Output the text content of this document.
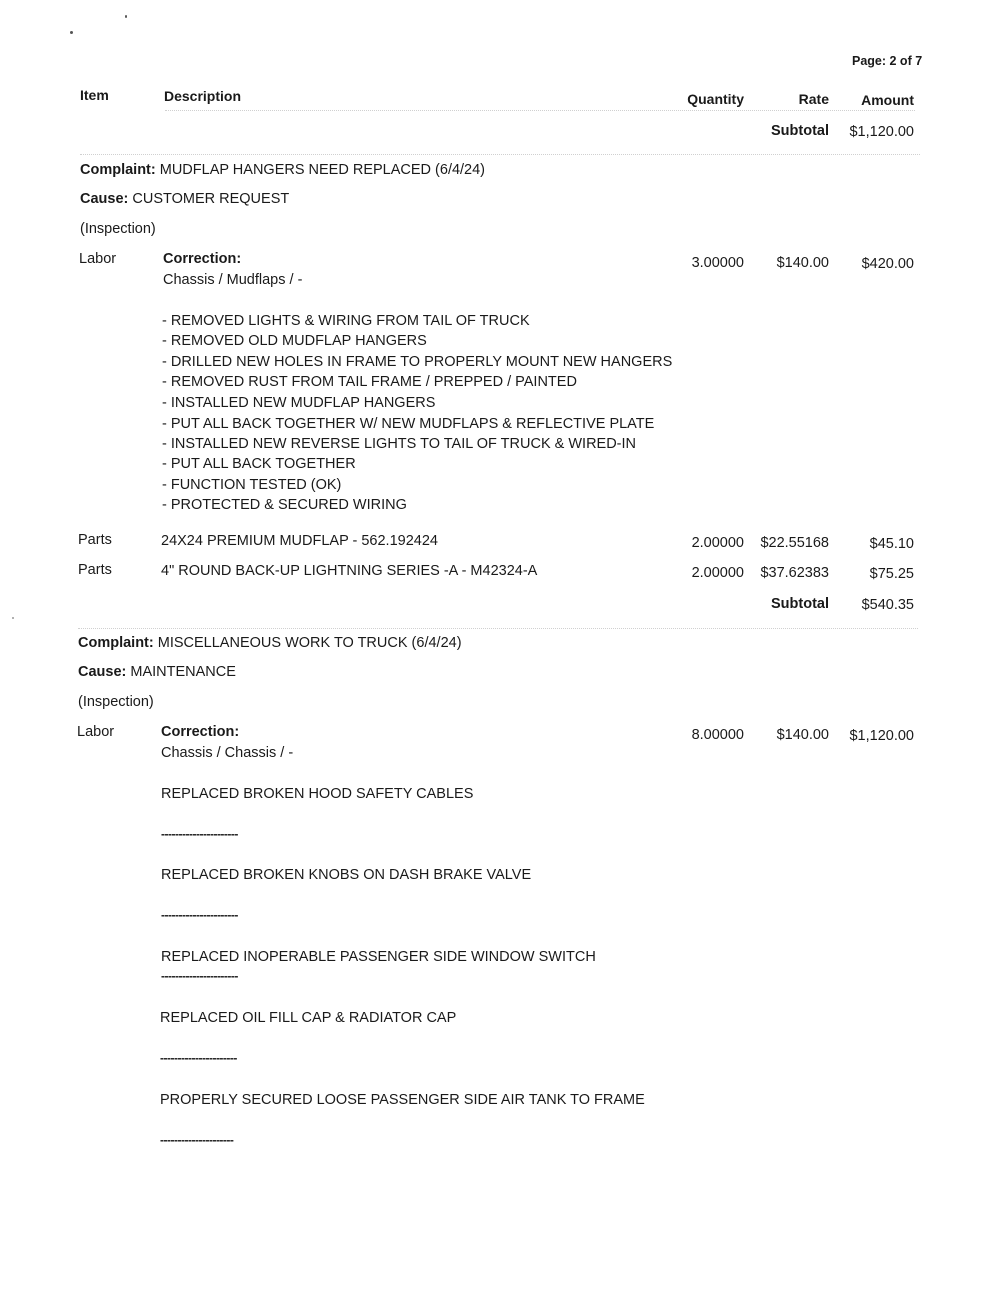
Page: 2 of 7
Item	Description	Quantity	Rate	Amount
Subtotal	$1,120.00
Complaint: MUDFLAP HANGERS NEED REPLACED (6/4/24)
Cause: CUSTOMER REQUEST
(Inspection)
Labor	Correction:
Chassis / Mudflaps / -
3.00000	$140.00	$420.00
- REMOVED LIGHTS & WIRING FROM TAIL OF TRUCK
- REMOVED OLD MUDFLAP HANGERS
- DRILLED NEW HOLES IN FRAME TO PROPERLY MOUNT NEW HANGERS
- REMOVED RUST FROM TAIL FRAME / PREPPED / PAINTED
- INSTALLED NEW MUDFLAP HANGERS
- PUT ALL BACK TOGETHER W/ NEW MUDFLAPS & REFLECTIVE PLATE
- INSTALLED NEW REVERSE LIGHTS TO TAIL OF TRUCK & WIRED-IN
- PUT ALL BACK TOGETHER
- FUNCTION TESTED (OK)
- PROTECTED & SECURED WIRING
Parts	24X24 PREMIUM MUDFLAP - 562.192424	2.00000	$22.55168	$45.10
Parts	4" ROUND BACK-UP LIGHTNING SERIES -A - M42324-A	2.00000	$37.62383	$75.25
Subtotal	$540.35
Complaint: MISCELLANEOUS WORK TO TRUCK (6/4/24)
Cause: MAINTENANCE
(Inspection)
Labor	Correction:
Chassis / Chassis / -
8.00000	$140.00	$1,120.00
REPLACED BROKEN HOOD SAFETY CABLES
----------------------
REPLACED BROKEN KNOBS ON DASH BRAKE VALVE
----------------------
REPLACED INOPERABLE PASSENGER SIDE WINDOW SWITCH
----------------------
REPLACED OIL FILL CAP & RADIATOR CAP
----------------------
PROPERLY SECURED LOOSE PASSENGER SIDE AIR TANK TO FRAME
---------------------
